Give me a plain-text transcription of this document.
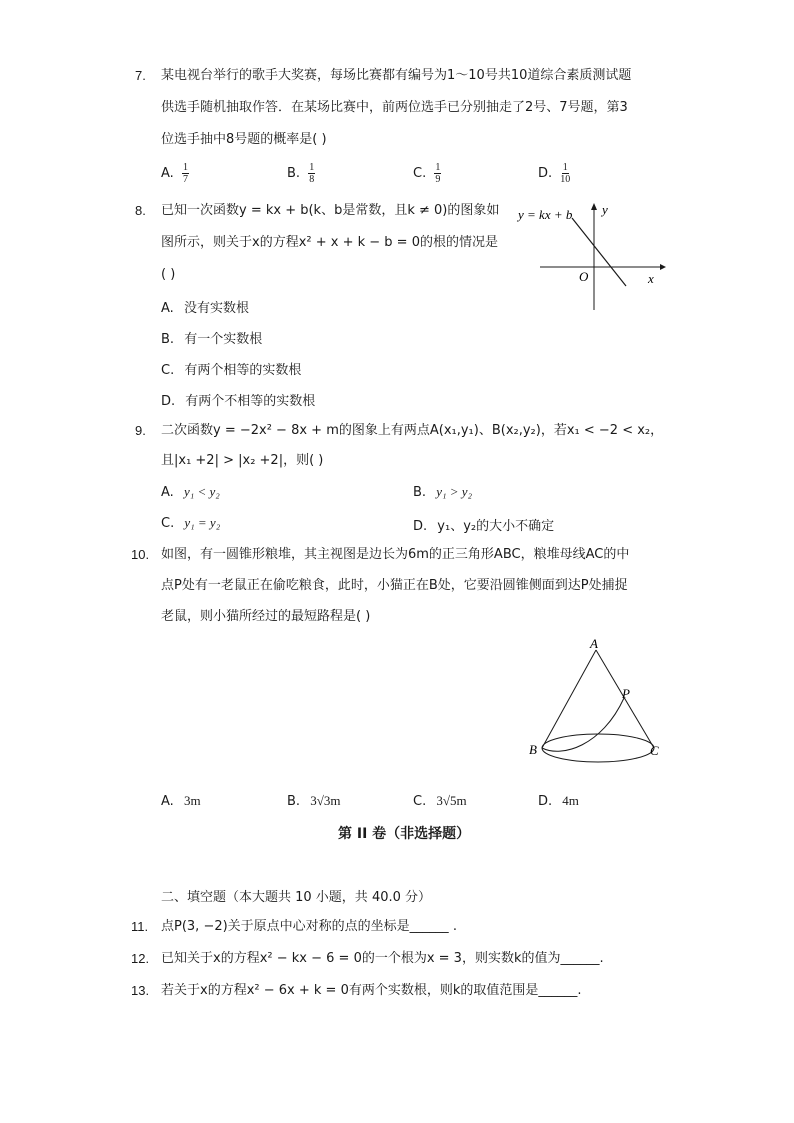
7. 某电视台举行的歌手大奖赛，每场比赛都有编号为1～10号共10道综合素质测试题
供选手随机抽取作答．在某场比赛中，前两位选手已分别抽走了2号、7号题，第3
位选手抽中8号题的概率是( )
A. $\frac{1}{7}$	B. $\frac{1}{8}$	C. $\frac{1}{9}$	D. $\frac{1}{10}$
8. 已知一次函数y = kx + b(k、b是常数，且k ≠ 0)的图象如
图所示，则关于x的方程x² + x + k − b = 0的根的情况是
( )
A. 没有实数根
B. 有一个实数根
C. 有两个相等的实数根
D. 有两个不相等的实数根
y = kx + b y
x
O
9. 二次函数y = −2x² − 8x + m的图象上有两点A(x₁,y₁)、B(x₂,y₂)，若x₁ < −2 < x₂，
且|x₁ +2| > |x₂ +2|，则( )
A. y₁ < y₂	B. y₁ > y₂
C. y₁ = y₂	D. y₁、y₂的大小不确定
10. 如图，有一圆锥形粮堆，其主视图是边长为6m的正三角形ABC，粮堆母线AC的中
点P处有一老鼠正在偷吃粮食，此时，小猫正在B处，它要沿圆锥侧面到达P处捕捉
老鼠，则小猫所经过的最短路程是( )
A
P
B	C
A. 3m	B. 3√3m	C. 3√5m	D. 4m
第 II 卷（非选择题）
二、填空题（本大题共 10 小题，共 40.0 分）
11. 点P(3, −2)关于原点中心对称的点的坐标是______ .
12. 已知关于x的方程x² − kx − 6 = 0的一个根为x = 3，则实数k的值为______.
13. 若关于x的方程x² − 6x + k = 0有两个实数根，则k的取值范围是______.
